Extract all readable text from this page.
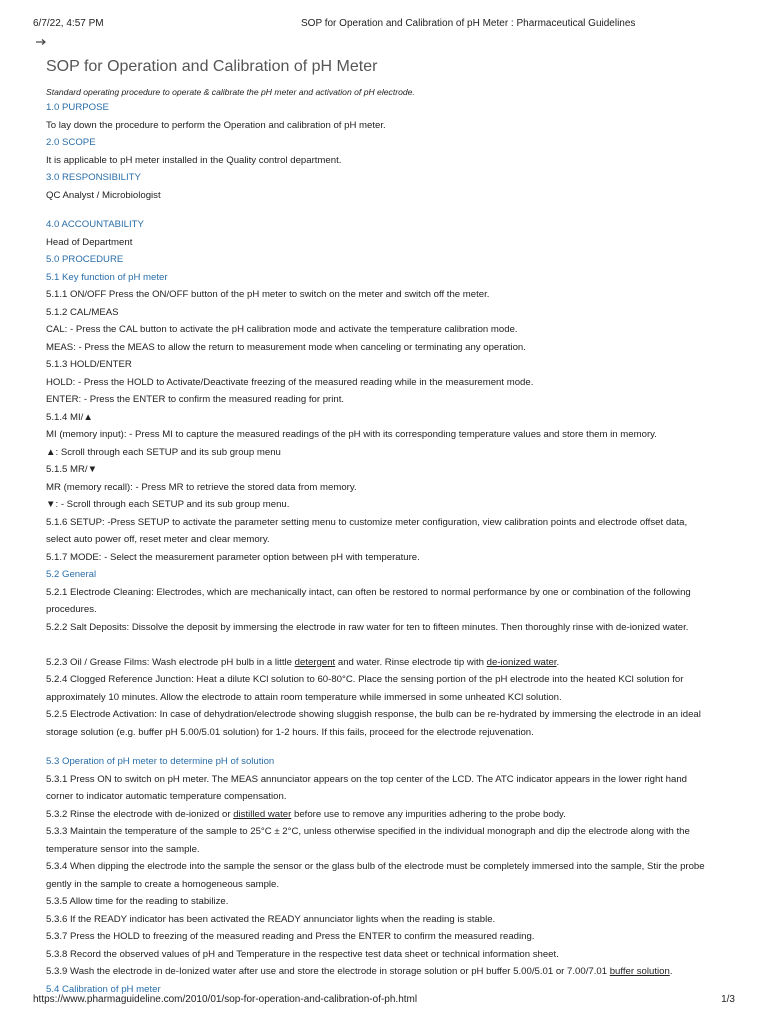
6/7/22, 4:57 PM	SOP for Operation and Calibration of pH Meter : Pharmaceutical Guidelines
SOP for Operation and Calibration of pH Meter
Standard operating procedure to operate & calibrate the pH meter and activation of pH electrode.
1.0 PURPOSE
To lay down the procedure to perform the Operation and calibration of pH meter.
2.0 SCOPE
It is applicable to pH meter installed in the Quality control department.
3.0 RESPONSIBILITY
QC Analyst / Microbiologist
4.0 ACCOUNTABILITY
Head of Department
5.0 PROCEDURE
5.1 Key function of pH meter
5.1.1 ON/OFF Press the ON/OFF button of the pH meter to switch on the meter and switch off the meter.
5.1.2 CAL/MEAS
CAL: - Press the CAL button to activate the pH calibration mode and activate the temperature calibration mode.
MEAS: - Press the MEAS to allow the return to measurement mode when canceling or terminating any operation.
5.1.3 HOLD/ENTER
HOLD: - Press the HOLD to Activate/Deactivate freezing of the measured reading while in the measurement mode.
ENTER: - Press the ENTER to confirm the measured reading for print.
5.1.4 MI/▲
MI (memory input): - Press MI to capture the measured readings of the pH with its corresponding temperature values and store them in memory.
▲: Scroll through each SETUP and its sub group menu
5.1.5 MR/▼
MR (memory recall): - Press MR to retrieve the stored data from memory.
▼: - Scroll through each SETUP and its sub group menu.
5.1.6 SETUP: -Press SETUP to activate the parameter setting menu to customize meter configuration, view calibration points and electrode offset data, select auto power off, reset meter and clear memory.
5.1.7 MODE: - Select the measurement parameter option between pH with temperature.
5.2 General
5.2.1 Electrode Cleaning: Electrodes, which are mechanically intact, can often be restored to normal performance by one or combination of the following procedures.
5.2.2 Salt Deposits: Dissolve the deposit by immersing the electrode in raw water for ten to fifteen minutes. Then thoroughly rinse with de-ionized water.
5.2.3 Oil / Grease Films: Wash electrode pH bulb in a little detergent and water. Rinse electrode tip with de-ionized water.
5.2.4 Clogged Reference Junction: Heat a dilute KCl solution to 60-80°C. Place the sensing portion of the pH electrode into the heated KCl solution for approximately 10 minutes. Allow the electrode to attain room temperature while immersed in some unheated KCl solution.
5.2.5 Electrode Activation: In case of dehydration/electrode showing sluggish response, the bulb can be re-hydrated by immersing the electrode in an ideal storage solution (e.g. buffer pH 5.00/5.01 solution) for 1-2 hours. If this fails, proceed for the electrode rejuvenation.
5.3 Operation of pH meter to determine pH of solution
5.3.1 Press ON to switch on pH meter. The MEAS annunciator appears on the top center of the LCD. The ATC indicator appears in the lower right hand corner to indicator automatic temperature compensation.
5.3.2 Rinse the electrode with de-ionized or distilled water before use to remove any impurities adhering to the probe body.
5.3.3 Maintain the temperature of the sample to 25°C ± 2°C, unless otherwise specified in the individual monograph and dip the electrode along with the temperature sensor into the sample.
5.3.4 When dipping the electrode into the sample the sensor or the glass bulb of the electrode must be completely immersed into the sample, Stir the probe gently in the sample to create a homogeneous sample.
5.3.5 Allow time for the reading to stabilize.
5.3.6 If the READY indicator has been activated the READY annunciator lights when the reading is stable.
5.3.7 Press the HOLD to freezing of the measured reading and Press the ENTER to confirm the measured reading.
5.3.8 Record the observed values of pH and Temperature in the respective test data sheet or technical information sheet.
5.3.9 Wash the electrode in de-Ionized water after use and store the electrode in storage solution or pH buffer 5.00/5.01 or 7.00/7.01 buffer solution.
5.4 Calibration of pH meter
https://www.pharmaguideline.com/2010/01/sop-for-operation-and-calibration-of-ph.html	1/3
